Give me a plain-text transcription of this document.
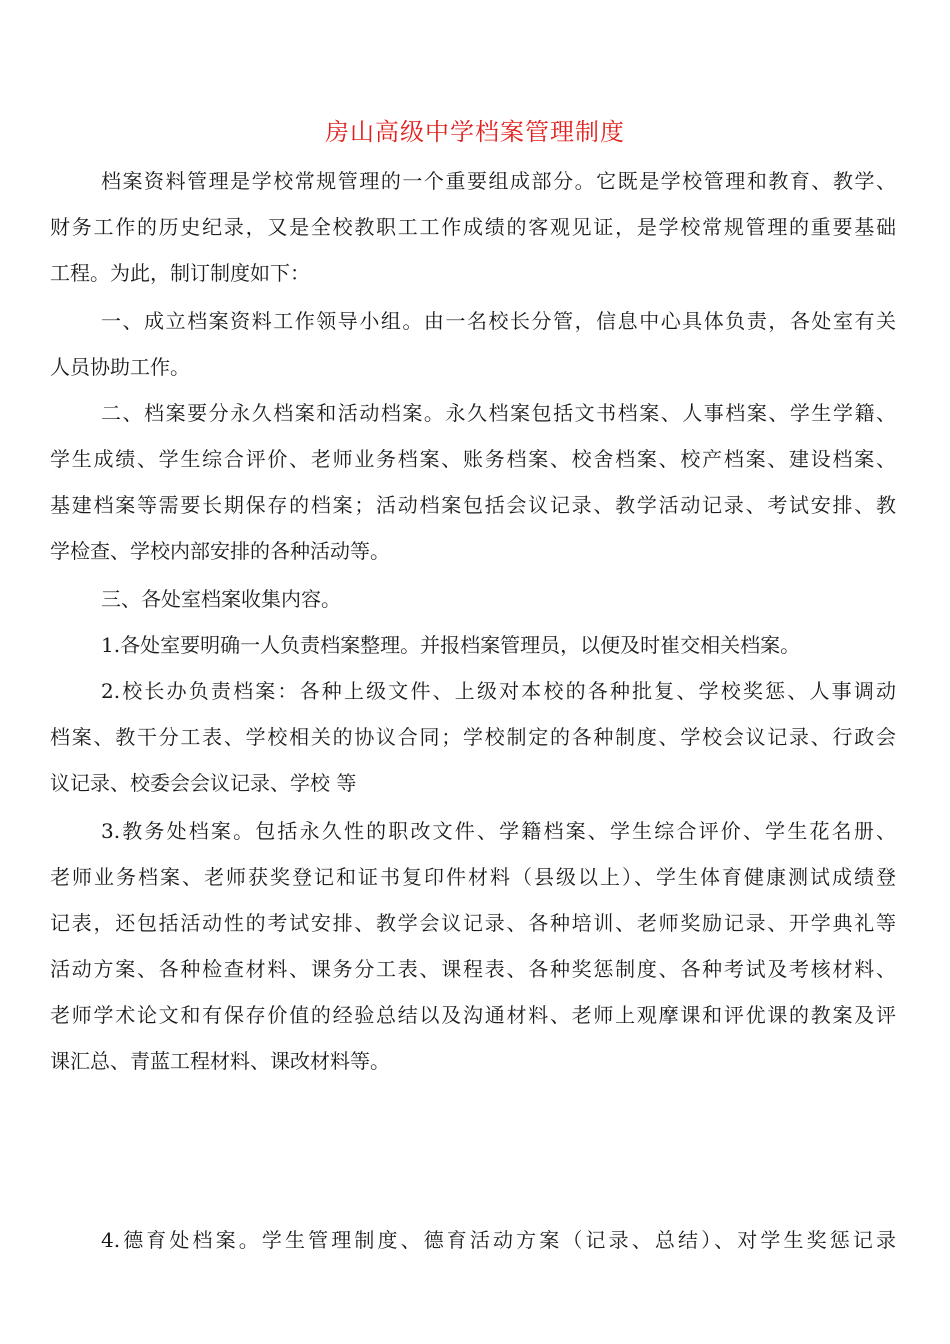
房山高级中学档案管理制度
档案资料管理是学校常规管理的一个重要组成部分。它既是学校管理和教育、教学、
财务工作的历史纪录，又是全校教职工工作成绩的客观见证，是学校常规管理的重要基础
工程。为此，制订制度如下：
一、成立档案资料工作领导小组。由一名校长分管，信息中心具体负责，各处室有关
人员协助工作。
二、档案要分永久档案和活动档案。永久档案包括文书档案、人事档案、学生学籍、
学生成绩、学生综合评价、老师业务档案、账务档案、校舍档案、校产档案、建设档案、
基建档案等需要长期保存的档案；活动档案包括会议记录、教学活动记录、考试安排、教
学检查、学校内部安排的各种活动等。
三、各处室档案收集内容。
1.各处室要明确一人负责档案整理。并报档案管理员，以便及时崔交相关档案。
2.校长办负责档案：各种上级文件、上级对本校的各种批复、学校奖惩、人事调动
档案、教干分工表、学校相关的协议合同；学校制定的各种制度、学校会议记录、行政会
议记录、校委会会议记录、学校 等
3.教务处档案。包括永久性的职改文件、学籍档案、学生综合评价、学生花名册、
老师业务档案、老师获奖登记和证书复印件材料（县级以上）、学生体育健康测试成绩登
记表，还包括活动性的考试安排、教学会议记录、各种培训、老师奖励记录、开学典礼等
活动方案、各种检查材料、课务分工表、课程表、各种奖惩制度、各种考试及考核材料、
老师学术论文和有保存价值的经验总结以及沟通材料、老师上观摩课和评优课的教案及评
课汇总、青蓝工程材料、课改材料等。
4.德育处档案。学生管理制度、德育活动方案（记录、总结）、对学生奖惩记录
